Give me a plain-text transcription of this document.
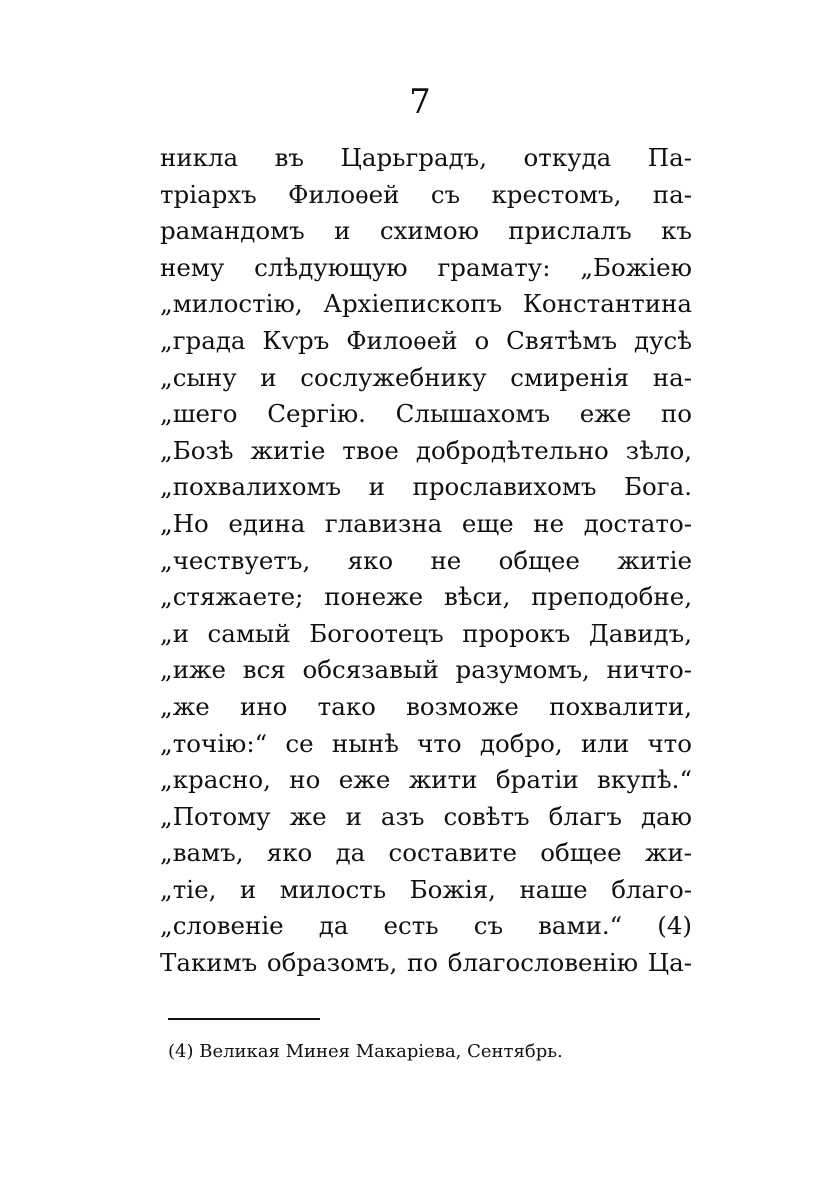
7
никла въ Царьградъ, откуда Па-
тріархъ Филоѳей съ крестомъ, па-
рамандомъ и схимою прислалъ къ
нему слѣдующую грамату: „Божіею
„милостію, Архіепископъ Константина
„града Кѵръ Филоѳей о Святѣмъ дусѣ
„сыну и сослужебнику смиренія на-
„шего Сергію. Слышахомъ еже по
„Бозѣ житіе твое добродѣтельно зѣло,
„похвалихомъ и прославихомъ Бога.
„Но едина главизна еще не достато-
„чествуетъ, яко не общее житіе
„стяжаете; понеже вѣси, преподобне,
„и самый Богоотецъ пророкъ Давидъ,
„иже вся обсязавый разумомъ, ничто-
„же ино тако возможе похвалити,
„точію:“ се нынѣ что добро, или что
„красно, но еже жити братіи вкупѣ.“
„Потому же и азъ совѣтъ благъ даю
„вамъ, яко да составите общее жи-
„тіе, и милость Божія, наше благо-
„словеніе да есть съ вами.“ (4)
Такимъ образомъ, по благословенію Ца-
(4) Великая Минея Макаріева, Сентябрь.
